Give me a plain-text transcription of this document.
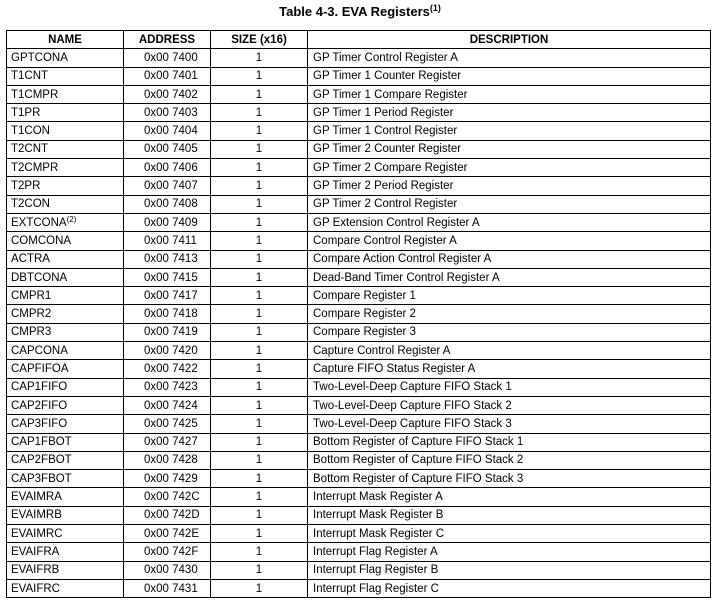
Table 4-3. EVA Registers$^{(1)}$
NAME	ADDRESS	SIZE (x16)	DESCRIPTION
GPTCONA	0x00 7400	1	GP Timer Control Register A
T1CNT	0x00 7401	1	GP Timer 1 Counter Register
T1CMPR	0x00 7402	1	GP Timer 1 Compare Register
T1PR	0x00 7403	1	GP Timer 1 Period Register
T1CON	0x00 7404	1	GP Timer 1 Control Register
T2CNT	0x00 7405	1	GP Timer 2 Counter Register
T2CMPR	0x00 7406	1	GP Timer 2 Compare Register
T2PR	0x00 7407	1	GP Timer 2 Period Register
T2CON	0x00 7408	1	GP Timer 2 Control Register
EXTCONA$^{(2)}$	0x00 7409	1	GP Extension Control Register A
COMCONA	0x00 7411	1	Compare Control Register A
ACTRA	0x00 7413	1	Compare Action Control Register A
DBTCONA	0x00 7415	1	Dead-Band Timer Control Register A
CMPR1	0x00 7417	1	Compare Register 1
CMPR2	0x00 7418	1	Compare Register 2
CMPR3	0x00 7419	1	Compare Register 3
CAPCONA	0x00 7420	1	Capture Control Register A
CAPFIFOA	0x00 7422	1	Capture FIFO Status Register A
CAP1FIFO	0x00 7423	1	Two-Level-Deep Capture FIFO Stack 1
CAP2FIFO	0x00 7424	1	Two-Level-Deep Capture FIFO Stack 2
CAP3FIFO	0x00 7425	1	Two-Level-Deep Capture FIFO Stack 3
CAP1FBOT	0x00 7427	1	Bottom Register of Capture FIFO Stack 1
CAP2FBOT	0x00 7428	1	Bottom Register of Capture FIFO Stack 2
CAP3FBOT	0x00 7429	1	Bottom Register of Capture FIFO Stack 3
EVAIMRA	0x00 742C	1	Interrupt Mask Register A
EVAIMRB	0x00 742D	1	Interrupt Mask Register B
EVAIMRC	0x00 742E	1	Interrupt Mask Register C
EVAIFRA	0x00 742F	1	Interrupt Flag Register A
EVAIFRB	0x00 7430	1	Interrupt Flag Register B
EVAIFRC	0x00 7431	1	Interrupt Flag Register C
